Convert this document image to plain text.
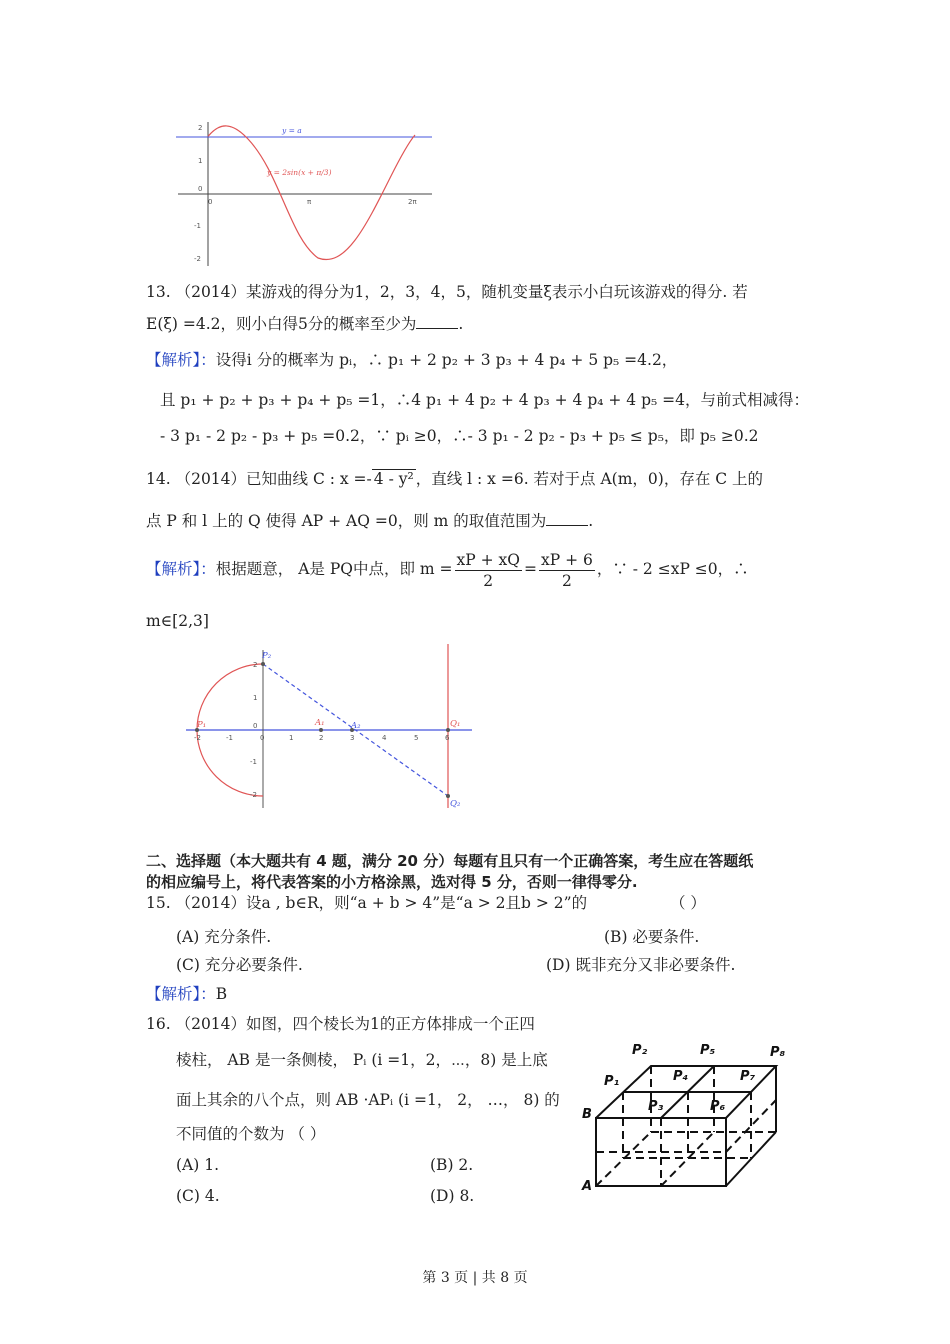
2
1
0
-1
-2
0	π	2π
y = a
y = 2sin(x + π/3)
13. （2014）某游戏的得分为1，2，3，4，5，随机变量ξ表示小白玩该游戏的得分. 若
E(ξ) =4.2，则小白得5分的概率至少为	.
【解析】：设得i 分的概率为 pᵢ，∴ p₁ + 2 p₂ + 3 p₃ + 4 p₄ + 5 p₅ =4.2，
且 p₁ + p₂ + p₃ + p₄ + p₅ =1，∴4 p₁ + 4 p₂ + 4 p₃ + 4 p₄ + 4 p₅ =4，与前式相减得：
- 3 p₁ - 2 p₂ - p₃ + p₅ =0.2，∵ pᵢ ≥0，∴- 3 p₁ - 2 p₂ - p₃ + p₅ ≤ p₅，即 p₅ ≥0.2
14. （2014）已知曲线 C : x =- 4 - y² ，直线 l : x =6. 若对于点 A(m，0)，存在 C 上的
点 P 和 l 上的 Q 使得 AP + AQ =0，则 m 的取值范围为	.
【解析】：根据题意， A是 PQ中点，即 $m = \frac{xP + xQ}{2} = \frac{xP + 6}{2}$ ，∵ - 2 ≤xP ≤0，∴
m∈[2,3]
-2	-1	0	1	2	3	4	5	6
2
1
0
-1
-2
P₂
P₁	A₁	A₂	Q₁
Q₂
二、选择题（本大题共有 4 题，满分 20 分）每题有且只有一个正确答案，考生应在答题纸
的相应编号上，将代表答案的小方格涂黑，选对得 5 分，否则一律得零分.
15. （2014）设a , b∈R，则“a + b > 4”是“a > 2且b > 2”的	（ ）
(A) 充分条件.	(B) 必要条件.
(C) 充分必要条件.	(D) 既非充分又非必要条件.
【解析】：B
16. （2014）如图，四个棱长为1的正方体排成一个正四
棱柱， AB 是一条侧棱， Pᵢ (i =1，2，⋯，8) 是上底
面上其余的八个点，则 AB ·APᵢ (i =1， 2， …， 8) 的
不同值的个数为 （ ）
(A) 1.	(B) 2.
(C) 4.	(D) 8.
P₂	P₅	P₈
P₁	P₄	P₇
B
P₃	P₆
A
第 3 页 | 共 8 页
